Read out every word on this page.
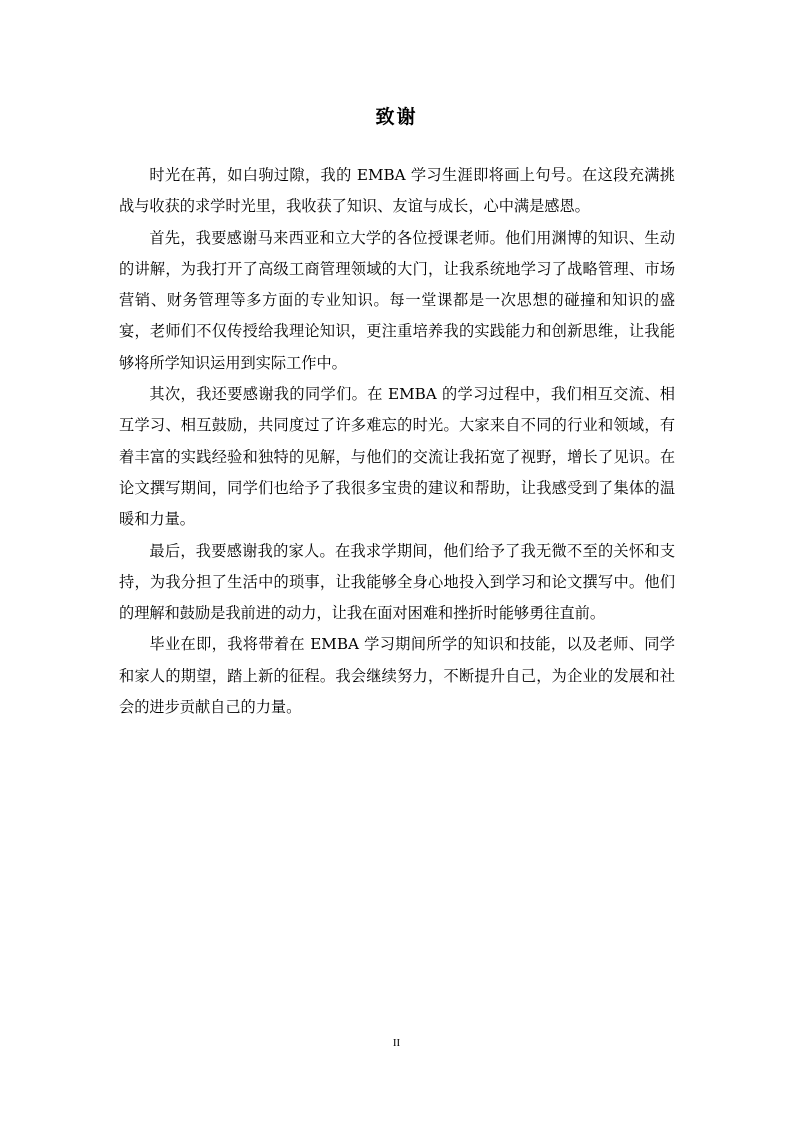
致谢

时光在苒，如白驹过隙，我的 EMBA 学习生涯即将画上句号。在这段充满挑战与收获的求学时光里，我收获了知识、友谊与成长，心中满是感恩。

首先，我要感谢马来西亚和立大学的各位授课老师。他们用渊博的知识、生动的讲解，为我打开了高级工商管理领域的大门，让我系统地学习了战略管理、市场营销、财务管理等多方面的专业知识。每一堂课都是一次思想的碰撞和知识的盛宴，老师们不仅传授给我理论知识，更注重培养我的实践能力和创新思维，让我能够将所学知识运用到实际工作中。

其次，我还要感谢我的同学们。在 EMBA 的学习过程中，我们相互交流、相互学习、相互鼓励，共同度过了许多难忘的时光。大家来自不同的行业和领域，有着丰富的实践经验和独特的见解，与他们的交流让我拓宽了视野，增长了见识。在论文撰写期间，同学们也给予了我很多宝贵的建议和帮助，让我感受到了集体的温暖和力量。

最后，我要感谢我的家人。在我求学期间，他们给予了我无微不至的关怀和支持，为我分担了生活中的琐事，让我能够全身心地投入到学习和论文撰写中。他们的理解和鼓励是我前进的动力，让我在面对困难和挫折时能够勇往直前。

毕业在即，我将带着在 EMBA 学习期间所学的知识和技能，以及老师、同学和家人的期望，踏上新的征程。我会继续努力，不断提升自己，为企业的发展和社会的进步贡献自己的力量。

II
